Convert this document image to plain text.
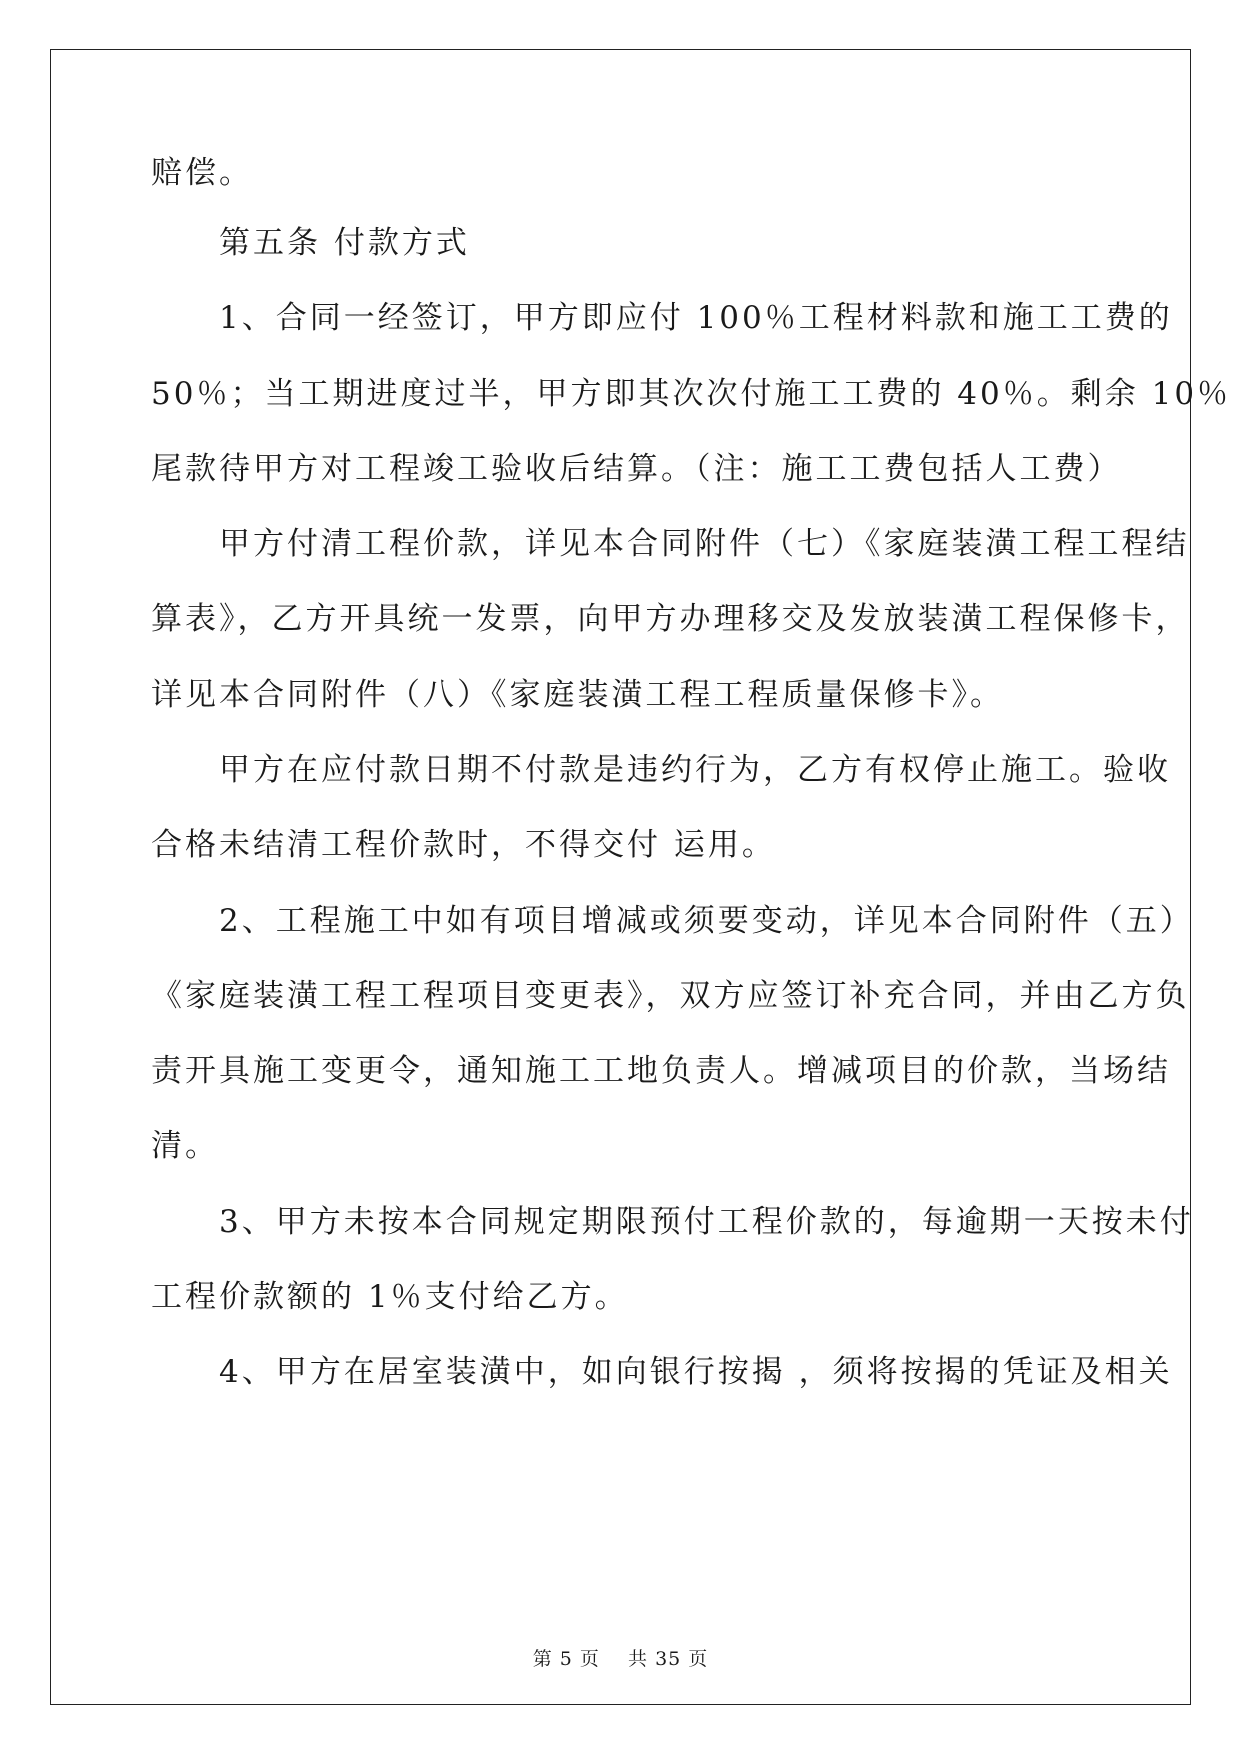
赔偿。

　　第五条 付款方式

　　1、合同一经签订，甲方即应付 100％工程材料款和施工工费的

50％；当工期进度过半，甲方即其次次付施工工费的 40％。剩余 10％

尾款待甲方对工程竣工验收后结算。（注：施工工费包括人工费）

　　甲方付清工程价款，详见本合同附件（七）《家庭装潢工程工程结

算表》，乙方开具统一发票，向甲方办理移交及发放装潢工程保修卡，

详见本合同附件（八）《家庭装潢工程工程质量保修卡》。

　　甲方在应付款日期不付款是违约行为，乙方有权停止施工。验收

合格未结清工程价款时，不得交付 运用。

　　2、工程施工中如有项目增减或须要变动，详见本合同附件（五）

《家庭装潢工程工程项目变更表》，双方应签订补充合同，并由乙方负

责开具施工变更令，通知施工工地负责人。增减项目的价款，当场结

清。

　　3、甲方未按本合同规定期限预付工程价款的，每逾期一天按未付

工程价款额的 1％支付给乙方。

　　4、甲方在居室装潢中，如向银行按揭 ，须将按揭的凭证及相关

第 5 页    共 35 页
